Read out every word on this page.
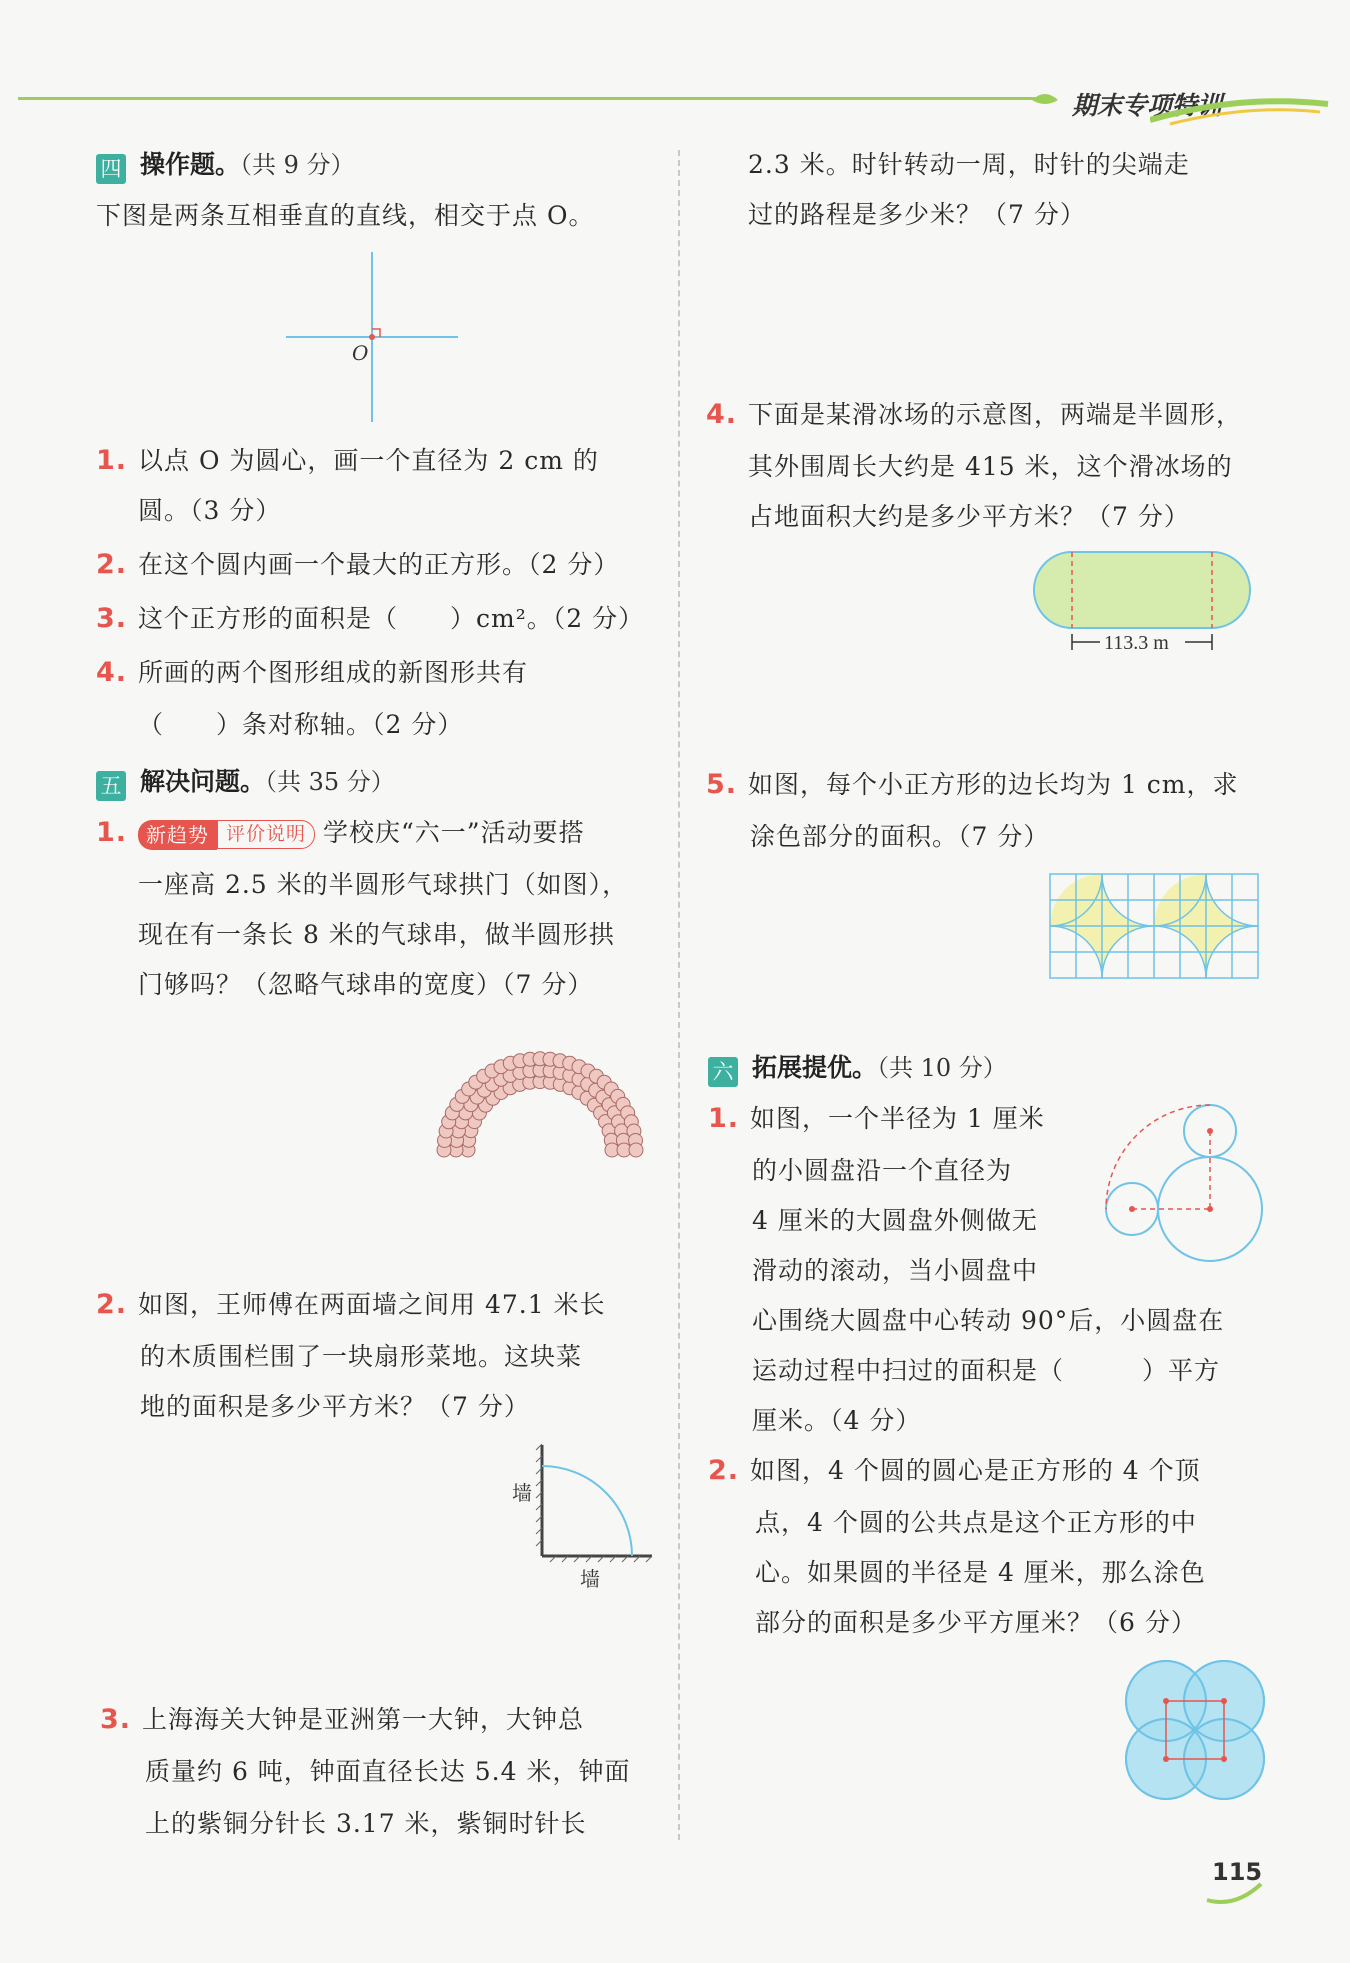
期末专项特训
四 操作题。（共 9 分）
下图是两条互相垂直的直线，相交于点 O。
O
1. 以点 O 为圆心，画一个直径为 2 cm 的
圆。（3 分）
2. 在这个圆内画一个最大的正方形。（2 分）
3. 这个正方形的面积是（　　）cm²。（2 分）
4. 所画的两个图形组成的新图形共有
（　　）条对称轴。（2 分）
五 解决问题。（共 35 分）
1. 新趋势 评价说明 学校庆“六一”活动要搭
一座高 2.5 米的半圆形气球拱门（如图），
现在有一条长 8 米的气球串，做半圆形拱
门够吗？（忽略气球串的宽度）（7 分）
2. 如图，王师傅在两面墙之间用 47.1 米长
的木质围栏围了一块扇形菜地。这块菜
地的面积是多少平方米？（7 分）
墙
墙
3. 上海海关大钟是亚洲第一大钟，大钟总
质量约 6 吨，钟面直径长达 5.4 米，钟面
上的紫铜分针长 3.17 米，紫铜时针长
2.3 米。时针转动一周，时针的尖端走
过的路程是多少米？（7 分）
4. 下面是某滑冰场的示意图，两端是半圆形，
其外围周长大约是 415 米，这个滑冰场的
占地面积大约是多少平方米？（7 分）
113.3 m
5. 如图，每个小正方形的边长均为 1 cm，求
涂色部分的面积。（7 分）
六 拓展提优。（共 10 分）
1. 如图，一个半径为 1 厘米
的小圆盘沿一个直径为
4 厘米的大圆盘外侧做无
滑动的滚动，当小圆盘中
心围绕大圆盘中心转动 90°后，小圆盘在
运动过程中扫过的面积是（　　　）平方
厘米。（4 分）
2. 如图，4 个圆的圆心是正方形的 4 个顶
点，4 个圆的公共点是这个正方形的中
心。如果圆的半径是 4 厘米，那么涂色
部分的面积是多少平方厘米？（6 分）
115
